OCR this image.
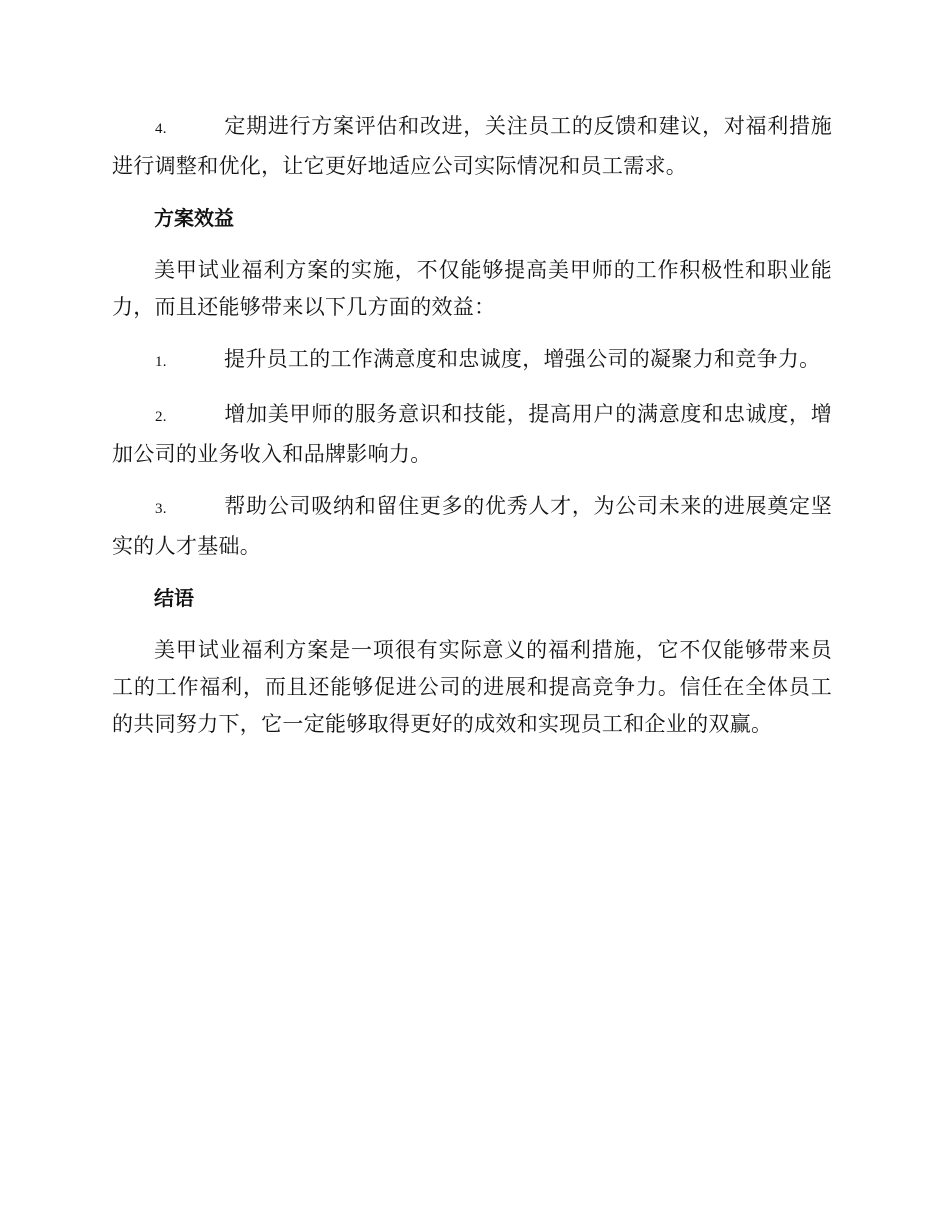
4.	定期进行方案评估和改进，关注员工的反馈和建议，对福利措施进行调整和优化，让它更好地适应公司实际情况和员工需求。

方案效益

美甲试业福利方案的实施，不仅能够提高美甲师的工作积极性和职业能力，而且还能够带来以下几方面的效益：

1.	提升员工的工作满意度和忠诚度，增强公司的凝聚力和竞争力。

2.	增加美甲师的服务意识和技能，提高用户的满意度和忠诚度，增加公司的业务收入和品牌影响力。

3.	帮助公司吸纳和留住更多的优秀人才，为公司未来的进展奠定坚实的人才基础。

结语

美甲试业福利方案是一项很有实际意义的福利措施，它不仅能够带来员工的工作福利，而且还能够促进公司的进展和提高竞争力。信任在全体员工的共同努力下，它一定能够取得更好的成效和实现员工和企业的双赢。
